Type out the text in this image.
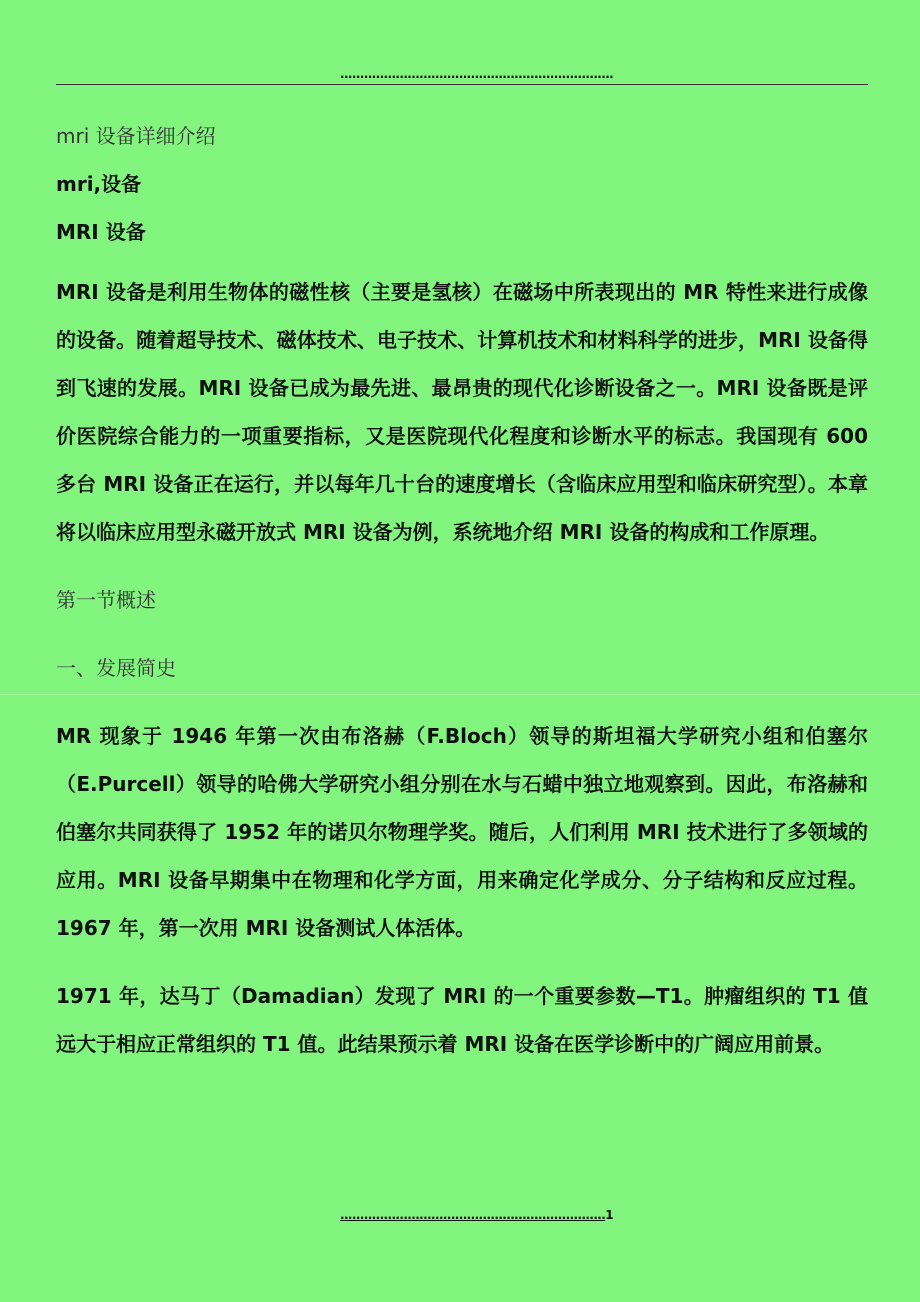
.....................................................................

mri 设备详细介绍

mri,设备

MRI 设备

MRI 设备是利用生物体的磁性核（主要是氢核）在磁场中所表现出的 MR 特性来进行成像的设备。随着超导技术、磁体技术、电子技术、计算机技术和材料科学的进步，MRI 设备得到飞速的发展。MRI 设备已成为最先进、最昂贵的现代化诊断设备之一。MRI 设备既是评价医院综合能力的一项重要指标，又是医院现代化程度和诊断水平的标志。我国现有 600 多台 MRI 设备正在运行，并以每年几十台的速度增长（含临床应用型和临床研究型）。本章将以临床应用型永磁开放式 MRI 设备为例，系统地介绍 MRI 设备的构成和工作原理。

第一节概述

一、发展简史

MR 现象于 1946 年第一次由布洛赫（F.Bloch）领导的斯坦福大学研究小组和伯塞尔（E.Purcell）领导的哈佛大学研究小组分别在水与石蜡中独立地观察到。因此，布洛赫和伯塞尔共同获得了 1952 年的诺贝尔物理学奖。随后，人们利用 MRI 技术进行了多领域的应用。MRI 设备早期集中在物理和化学方面，用来确定化学成分、分子结构和反应过程。1967 年，第一次用 MRI 设备测试人体活体。

1971 年，达马丁（Damadian）发现了 MRI 的一个重要参数—T1。肿瘤组织的 T1 值远大于相应正常组织的 T1 值。此结果预示着 MRI 设备在医学诊断中的广阔应用前景。

...................................................................1
